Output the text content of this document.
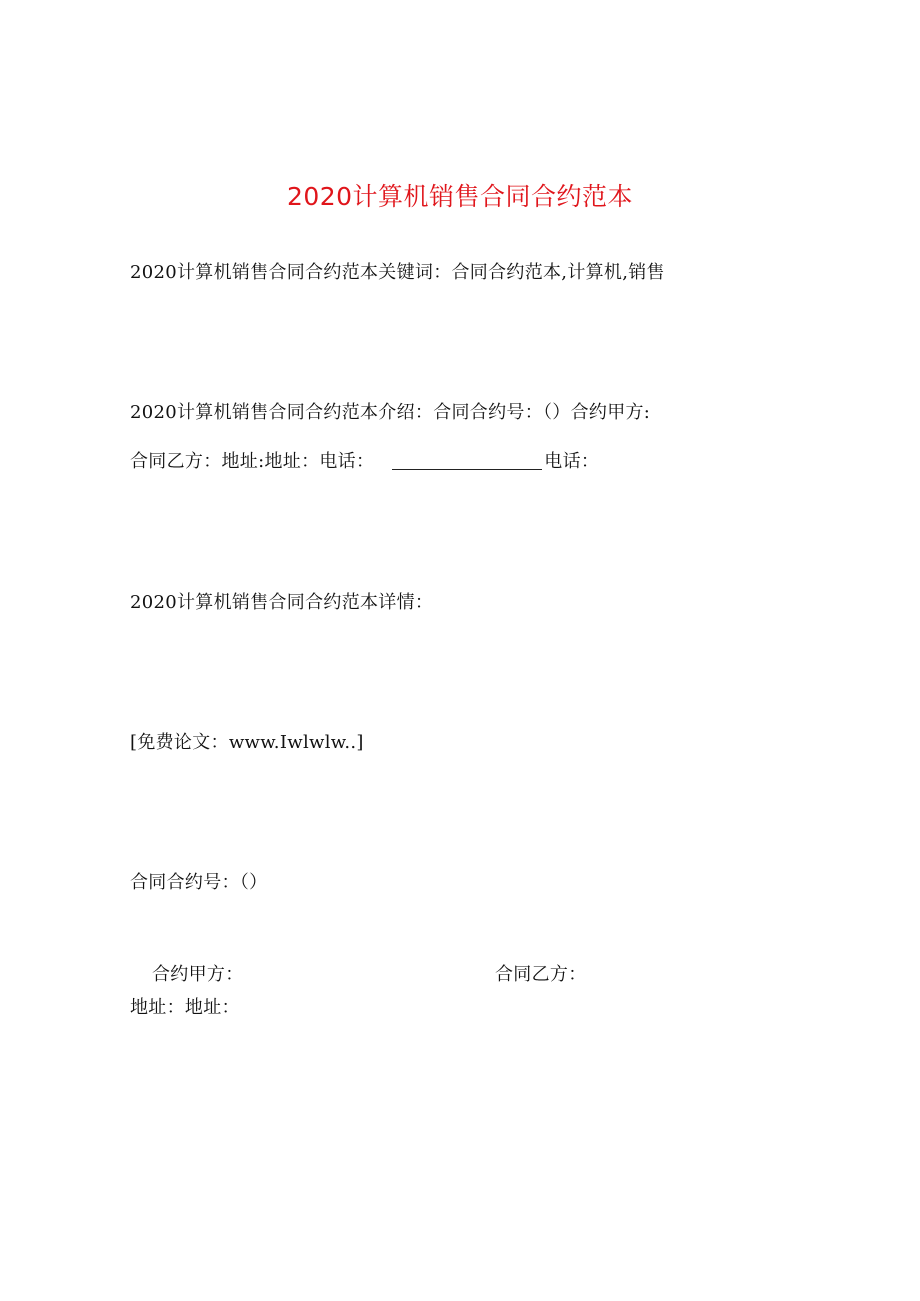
2020计算机销售合同合约范本
2020计算机销售合同合约范本关键词：合同合约范本,计算机,销售
2020计算机销售合同合约范本介绍：合同合约号：（）合约甲方:
合同乙方：地址:地址：电话：	电话：
2020计算机销售合同合约范本详情：
[免费论文：www.Iwlwlw..]
合同合约号：（）
合约甲方：	合同乙方：
地址：地址：
